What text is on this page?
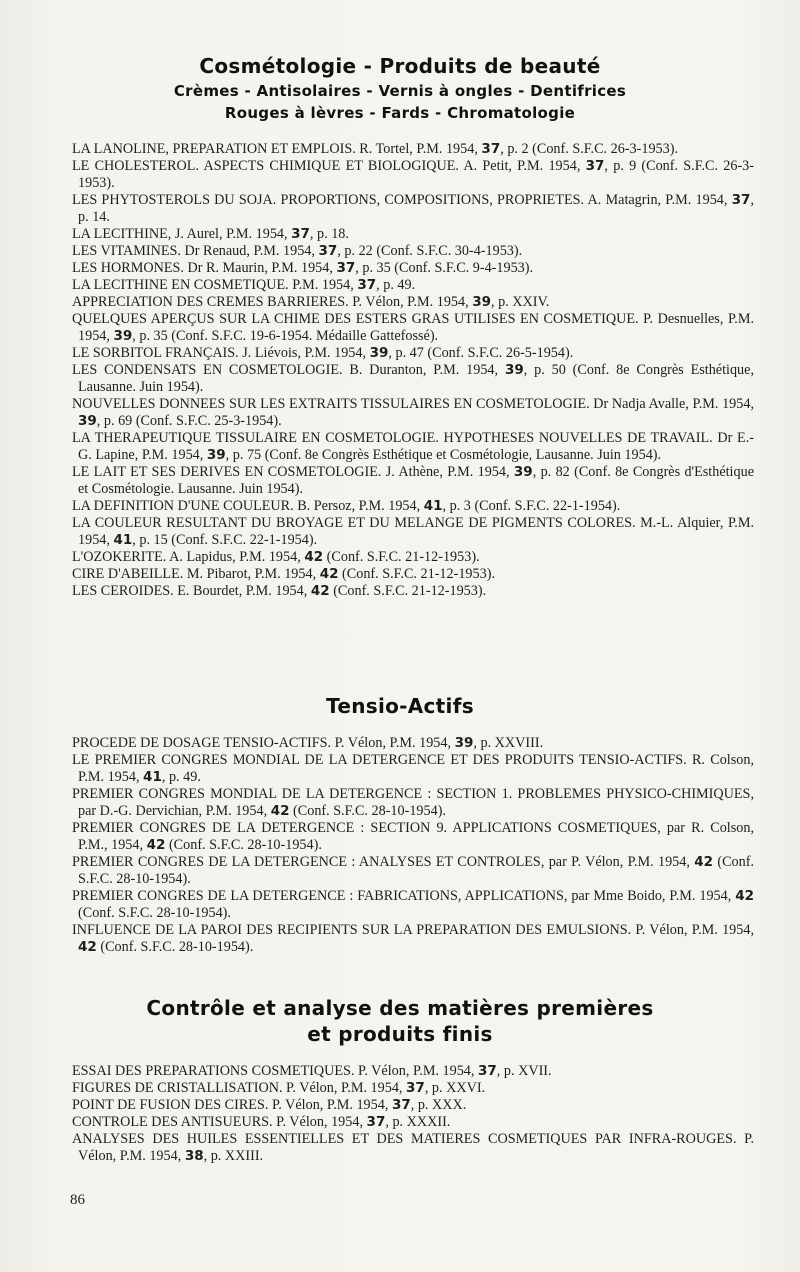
Cosmétologie - Produits de beauté
Crèmes - Antisolaires - Vernis à ongles - Dentifrices
Rouges à lèvres - Fards - Chromatologie

LA LANOLINE, PREPARATION ET EMPLOIS. R. Tortel, P.M. 1954, 37, p. 2 (Conf. S.F.C. 26-3-1953).

LE CHOLESTEROL. ASPECTS CHIMIQUE ET BIOLOGIQUE. A. Petit, P.M. 1954, 37, p. 9 (Conf. S.F.C. 26-3-1953).

LES PHYTOSTEROLS DU SOJA. PROPORTIONS, COMPOSITIONS, PROPRIETES. A. Matagrin, P.M. 1954, 37, p. 14.

LA LECITHINE, J. Aurel, P.M. 1954, 37, p. 18.

LES VITAMINES. Dr Renaud, P.M. 1954, 37, p. 22 (Conf. S.F.C. 30-4-1953).

LES HORMONES. Dr R. Maurin, P.M. 1954, 37, p. 35 (Conf. S.F.C. 9-4-1953).

LA LECITHINE EN COSMETIQUE. P.M. 1954, 37, p. 49.

APPRECIATION DES CREMES BARRIERES. P. Vélon, P.M. 1954, 39, p. XXIV.

QUELQUES APERÇUS SUR LA CHIME DES ESTERS GRAS UTILISES EN COSMETIQUE. P. Desnuelles, P.M. 1954, 39, p. 35 (Conf. S.F.C. 19-6-1954. Médaille Gattefossé).

LE SORBITOL FRANÇAIS. J. Liévois, P.M. 1954, 39, p. 47 (Conf. S.F.C. 26-5-1954).

LES CONDENSATS EN COSMETOLOGIE. B. Duranton, P.M. 1954, 39, p. 50 (Conf. 8e Congrès Esthétique, Lausanne. Juin 1954).

NOUVELLES DONNEES SUR LES EXTRAITS TISSULAIRES EN COSMETOLOGIE. Dr Nadja Avalle, P.M. 1954, 39, p. 69 (Conf. S.F.C. 25-3-1954).

LA THERAPEUTIQUE TISSULAIRE EN COSMETOLOGIE. HYPOTHESES NOUVELLES DE TRAVAIL. Dr E.-G. Lapine, P.M. 1954, 39, p. 75 (Conf. 8e Congrès Esthétique et Cosmétologie, Lausanne. Juin 1954).

LE LAIT ET SES DERIVES EN COSMETOLOGIE. J. Athène, P.M. 1954, 39, p. 82 (Conf. 8e Congrès d'Esthétique et Cosmétologie. Lausanne. Juin 1954).

LA DEFINITION D'UNE COULEUR. B. Persoz, P.M. 1954, 41, p. 3 (Conf. S.F.C. 22-1-1954).

LA COULEUR RESULTANT DU BROYAGE ET DU MELANGE DE PIGMENTS COLORES. M.-L. Alquier, P.M. 1954, 41, p. 15 (Conf. S.F.C. 22-1-1954).

L'OZOKERITE. A. Lapidus, P.M. 1954, 42 (Conf. S.F.C. 21-12-1953).

CIRE D'ABEILLE. M. Pibarot, P.M. 1954, 42 (Conf. S.F.C. 21-12-1953).

LES CEROIDES. E. Bourdet, P.M. 1954, 42 (Conf. S.F.C. 21-12-1953).

Tensio-Actifs

PROCEDE DE DOSAGE TENSIO-ACTIFS. P. Vélon, P.M. 1954, 39, p. XXVIII.

LE PREMIER CONGRES MONDIAL DE LA DETERGENCE ET DES PRODUITS TENSIO-ACTIFS. R. Colson, P.M. 1954, 41, p. 49.

PREMIER CONGRES MONDIAL DE LA DETERGENCE : SECTION 1. PROBLEMES PHYSICO-CHIMIQUES, par D.-G. Dervichian, P.M. 1954, 42 (Conf. S.F.C. 28-10-1954).

PREMIER CONGRES DE LA DETERGENCE : SECTION 9. APPLICATIONS COSMETIQUES, par R. Colson, P.M., 1954, 42 (Conf. S.F.C. 28-10-1954).

PREMIER CONGRES DE LA DETERGENCE : ANALYSES ET CONTROLES, par P. Vélon, P.M. 1954, 42 (Conf. S.F.C. 28-10-1954).

PREMIER CONGRES DE LA DETERGENCE : FABRICATIONS, APPLICATIONS, par Mme Boido, P.M. 1954, 42 (Conf. S.F.C. 28-10-1954).

INFLUENCE DE LA PAROI DES RECIPIENTS SUR LA PREPARATION DES EMULSIONS. P. Vélon, P.M. 1954, 42 (Conf. S.F.C. 28-10-1954).

Contrôle et analyse des matières premières
et produits finis

ESSAI DES PREPARATIONS COSMETIQUES. P. Vélon, P.M. 1954, 37, p. XVII.

FIGURES DE CRISTALLISATION. P. Vélon, P.M. 1954, 37, p. XXVI.

POINT DE FUSION DES CIRES. P. Vélon, P.M. 1954, 37, p. XXX.

CONTROLE DES ANTISUEURS. P. Vélon, 1954, 37, p. XXXII.

ANALYSES DES HUILES ESSENTIELLES ET DES MATIERES COSMETIQUES PAR INFRA-ROUGES. P. Vélon, P.M. 1954, 38, p. XXIII.

86
